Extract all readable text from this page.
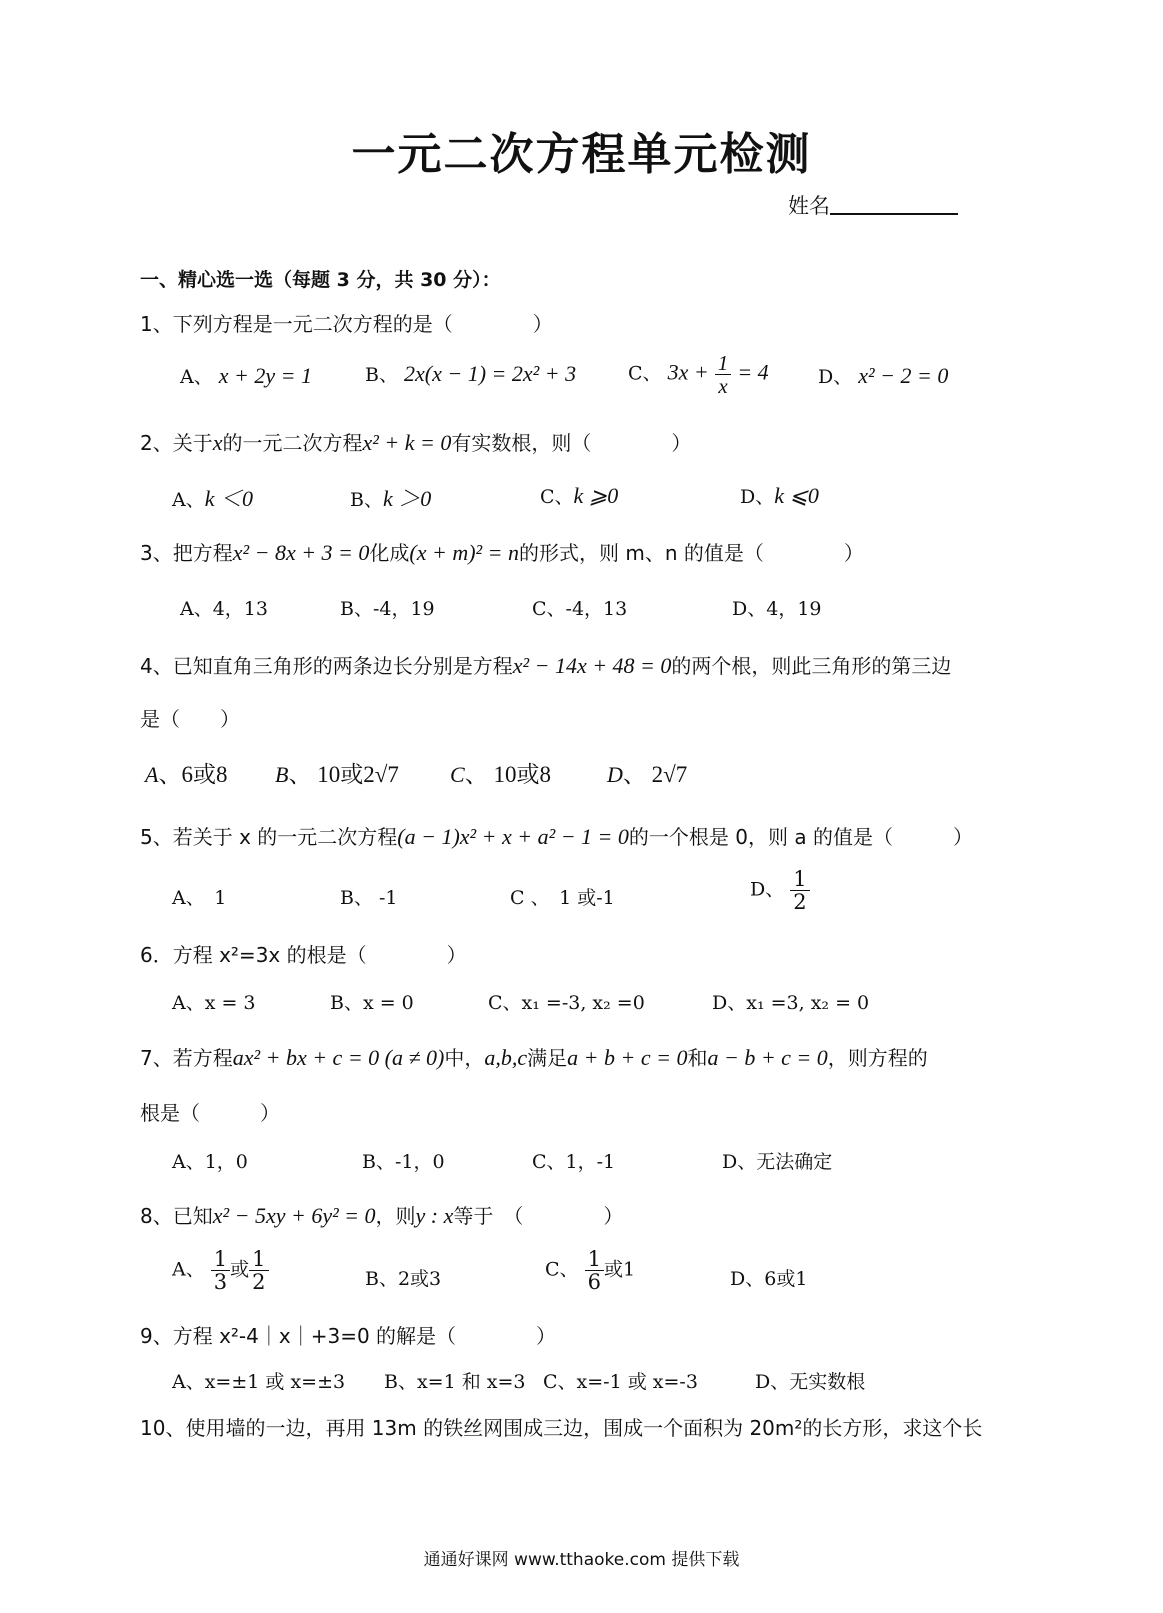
一元二次方程单元检测
姓名
一、精心选一选（每题 3 分，共 30 分）：
1、下列方程是一元二次方程的是（　　　　）
A、 x + 2y = 1	B、 2x(x − 1) = 2x² + 3	C、 $3x + \frac{1}{x} = 4$	D、 x² − 2 = 0
2、关于x的一元二次方程x² + k = 0有实数根，则（　　　　）
A、k ＜0	B、k ＞0	C、k ⩾0	D、k ⩽0
3、把方程x² − 8x + 3 = 0化成(x + m)² = n的形式，则 m、n 的值是（　　　　）
A、4，13	B、-4，19	C、-4，13	D、4，19
4、已知直角三角形的两条边长分别是方程x² − 14x + 48 = 0的两个根，则此三角形的第三边
是（　　）
A、6或8 B、 10或2√7 C、 10或8	D、 2√7
5、若关于 x 的一元二次方程(a − 1)x² + x + a² − 1 = 0的一个根是 0，则 a 的值是（　　　）
A、　1	B、 -1	C 、　1 或-1	D、 $\frac{1}{2}$
6．方程 x²=3x 的根是（　　　　）
A、x = 3	B、x = 0	C、x₁ =-3, x₂ =0	D、x₁ =3, x₂ = 0
7、若方程ax² + bx + c = 0 (a ≠ 0)中，a,b,c满足a + b + c = 0和a − b + c = 0，则方程的
根是（　　　）
A、1，0	B、-1，0	C、1，-1	D、无法确定
8、已知x² − 5xy + 6y² = 0，则y : x等于　（　　　　）
A、 $\frac{1}{3}$ 或 $\frac{1}{2}$	B、2或3	C、 $\frac{1}{6}$ 或1	D、6或1
9、方程 x²-4｜x｜+3=0 的解是（　　　　）
A、x=±1 或 x=±3 B、x=1 和 x=3 C、x=-1 或 x=-3	D、无实数根
10、使用墙的一边，再用 13m 的铁丝网围成三边，围成一个面积为 20m²的长方形，求这个长
通通好课网 www.tthaoke.com 提供下载
